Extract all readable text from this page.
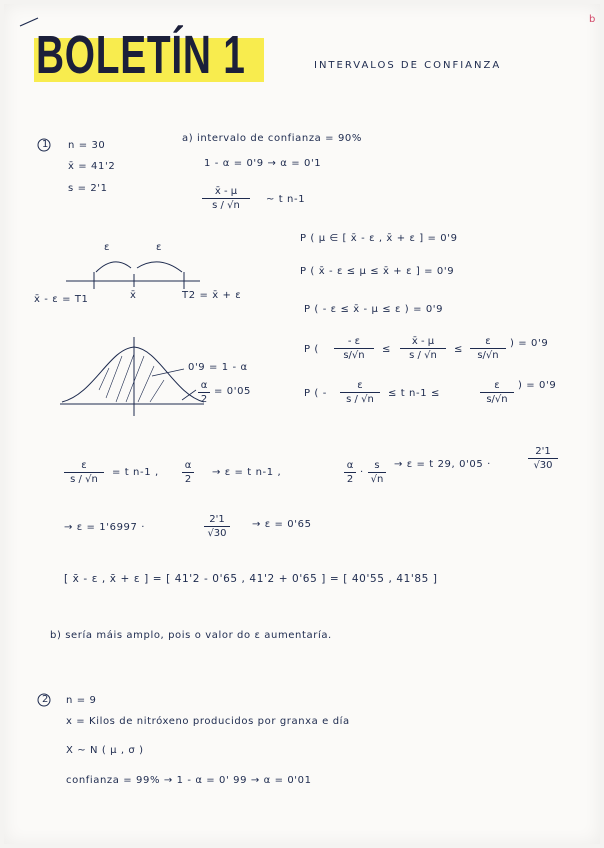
BOLETÍN 1	INTERVALOS DE CONFIANZA
b
n = 30
x̄ = 41'2
s = 2'1
1
a) intervalo de confianza = 90%
1 - α = 0'9 → α = 0'1
x̄ - μ
s / √n
~ t n-1
P ( μ ∈ [ x̄ - ε , x̄ + ε ] = 0'9
P ( x̄ - ε ≤ μ ≤ x̄ + ε ] = 0'9
P ( - ε ≤ x̄ - μ ≤ ε ) = 0'9
P (
- ε
s/√n
≤
x̄ - μ
s / √n
≤
ε
s/√n
) = 0'9
P ( -
ε
s / √n
≤ t n-1 ≤
ε
s/√n
) = 0'9
ε	ε
x̄ - ε = T1	x̄	T2 = x̄ + ε
0'9 = 1 - α
α
2
= 0'05
ε
s / √n
= t n-1 ,
α
2
→ ε = t n-1 ,
α
2
·
s
√n
→ ε = t 29, 0'05 ·
2'1
√30
→ ε = 1'6997 ·
2'1
√30
→ ε = 0'65
[ x̄ - ε , x̄ + ε ] = [ 41'2 - 0'65 , 41'2 + 0'65 ] = [ 40'55 , 41'85 ]
b) sería máis amplo, pois o valor do ε aumentaría.
2 n = 9
x = Kilos de nitróxeno producidos por granxa e día
X ~ N ( μ , σ )
confianza = 99% → 1 - α = 0' 99 → α = 0'01
